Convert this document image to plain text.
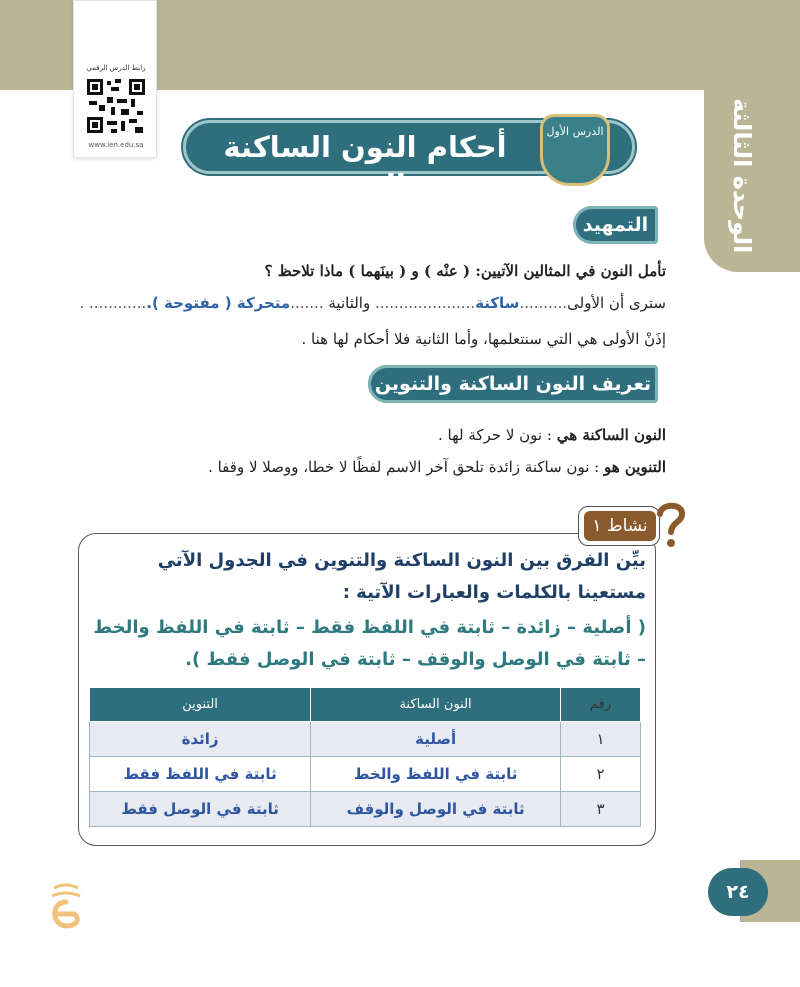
الوحدة الثالثة
رابط الدرس الرقمي
www.ien.edu.sa	أحكام النون الساكنة والتنوين
الدرس الأول
التمهيد
تأمل النون في المثالين الآتيين: ( عنْه ) و ( بينَهما ) ماذا تلاحظ ؟
سترى أن الأولى..........ساكنة..................... والثانية .......متحركة ( مفتوحة )............. .
إذَنْ الأولى هي التي سنتعلمها، وأما الثانية فلا أحكام لها هنا .
تعريف النون الساكنة والتنوين
النون الساكنة هي : نون لا حركة لها .
التنوين هو : نون ساكنة زائدة تلحق آخر الاسم لفظًا لا خطا، ووصلا لا وقفا .
نشاط ١
بيِّن الفرق بين النون الساكنة والتنوين في الجدول الآتي مستعينا بالكلمات والعبارات الآتية :
( أصلية – زائدة – ثابتة في اللفظ فقط – ثابتة في اللفظ والخط – ثابتة في الوصل والوقف – ثابتة في الوصل فقط ).
رقم	النون الساكنة	التنوين
١	أصلية	زائدة
٢	ثابتة في اللفظ والخط	ثابتة في اللفظ فقط
٣	ثابتة في الوصل والوقف	ثابتة في الوصل فقط
٢٤
